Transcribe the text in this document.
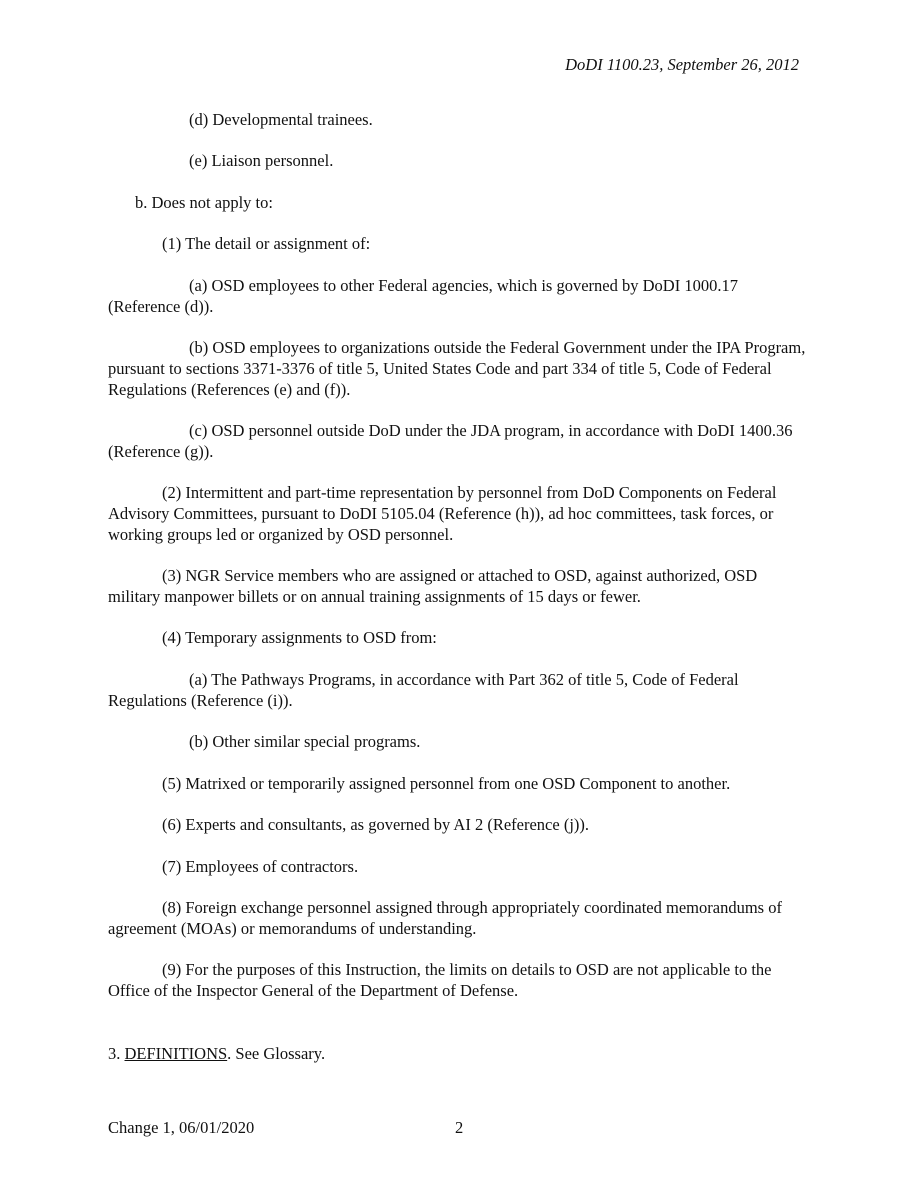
DoDI 1100.23, September 26, 2012
(d) Developmental trainees.
(e) Liaison personnel.
b. Does not apply to:
(1) The detail or assignment of:
(a) OSD employees to other Federal agencies, which is governed by DoDI 1000.17 (Reference (d)).
(b) OSD employees to organizations outside the Federal Government under the IPA Program, pursuant to sections 3371-3376 of title 5, United States Code and part 334 of title 5, Code of Federal Regulations (References (e) and (f)).
(c) OSD personnel outside DoD under the JDA program, in accordance with DoDI 1400.36 (Reference (g)).
(2) Intermittent and part-time representation by personnel from DoD Components on Federal Advisory Committees, pursuant to DoDI 5105.04 (Reference (h)), ad hoc committees, task forces, or working groups led or organized by OSD personnel.
(3) NGR Service members who are assigned or attached to OSD, against authorized, OSD military manpower billets or on annual training assignments of 15 days or fewer.
(4) Temporary assignments to OSD from:
(a) The Pathways Programs, in accordance with Part 362 of title 5, Code of Federal Regulations (Reference (i)).
(b) Other similar special programs.
(5) Matrixed or temporarily assigned personnel from one OSD Component to another.
(6) Experts and consultants, as governed by AI 2 (Reference (j)).
(7) Employees of contractors.
(8) Foreign exchange personnel assigned through appropriately coordinated memorandums of agreement (MOAs) or memorandums of understanding.
(9) For the purposes of this Instruction, the limits on details to OSD are not applicable to the Office of the Inspector General of the Department of Defense.
3. DEFINITIONS. See Glossary.
Change 1, 06/01/2020	2
